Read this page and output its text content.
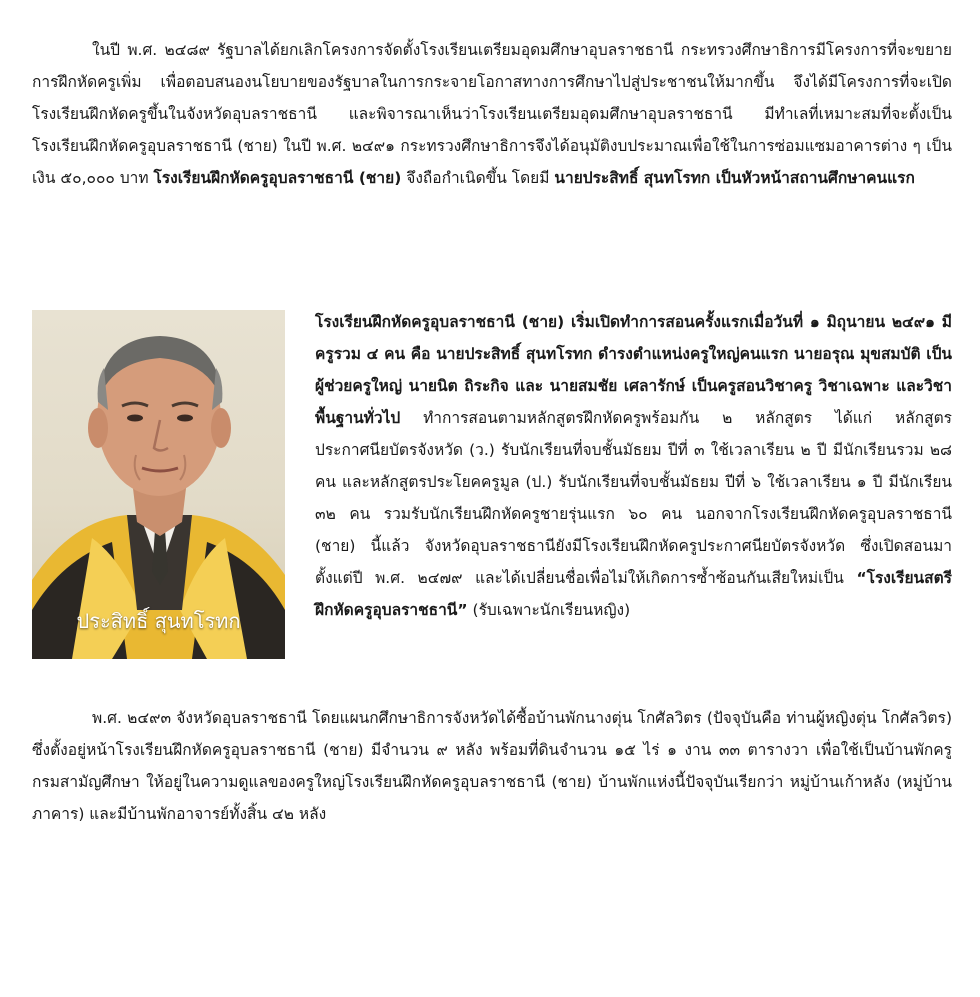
ในปี พ.ศ. ๒๔๘๙ รัฐบาลได้ยกเลิกโครงการจัดตั้งโรงเรียนเตรียมอุดมศึกษาอุบลราชธานี กระทรวงศึกษาธิการมีโครงการที่จะขยายการฝึกหัดครูเพิ่ม เพื่อตอบสนองนโยบายของรัฐบาลในการกระจายโอกาสทางการศึกษาไปสู่ประชาชนให้มากขึ้น จึงได้มีโครงการที่จะเปิดโรงเรียนฝึกหัดครูขึ้นในจังหวัดอุบลราชธานี และพิจารณาเห็นว่าโรงเรียนเตรียมอุดมศึกษาอุบลราชธานี มีทำเลที่เหมาะสมที่จะตั้งเป็นโรงเรียนฝึกหัดครูอุบลราชธานี (ชาย) ในปี พ.ศ. ๒๔๙๑ กระทรวงศึกษาธิการจึงได้อนุมัติงบประมาณเพื่อใช้ในการซ่อมแซมอาคารต่าง ๆ เป็นเงิน ๕๐,๐๐๐ บาท โรงเรียนฝึกหัดครูอุบลราชธานี (ชาย) จึงถือกำเนิดขึ้น โดยมี นายประสิทธิ์ สุนทโรทก เป็นหัวหน้าสถานศึกษาคนแรก

ประสิทธิ์ สุนทโรทก
โรงเรียนฝึกหัดครูอุบลราชธานี (ชาย) เริ่มเปิดทำการสอนครั้งแรกเมื่อวันที่ ๑ มิถุนายน ๒๔๙๑ มีครูรวม ๔ คน คือ นายประสิทธิ์ สุนทโรทก ดำรงตำแหน่งครูใหญ่คนแรก นายอรุณ มุขสมบัติ เป็นผู้ช่วยครูใหญ่ นายนิต ถิระกิจ และ นายสมชัย เศลารักษ์ เป็นครูสอนวิชาครู วิชาเฉพาะ และวิชาพื้นฐานทั่วไป ทำการสอนตามหลักสูตรฝึกหัดครูพร้อมกัน ๒ หลักสูตร ได้แก่ หลักสูตรประกาศนียบัตรจังหวัด (ว.) รับนักเรียนที่จบชั้นมัธยม ปีที่ ๓ ใช้เวลาเรียน ๒ ปี มีนักเรียนรวม ๒๘ คน และหลักสูตรประโยคครูมูล (ป.) รับนักเรียนที่จบชั้นมัธยม ปีที่ ๖ ใช้เวลาเรียน ๑ ปี มีนักเรียน ๓๒ คน รวมรับนักเรียนฝึกหัดครูชายรุ่นแรก ๖๐ คน นอกจากโรงเรียนฝึกหัดครูอุบลราชธานี (ชาย) นี้แล้ว จังหวัดอุบลราชธานียังมีโรงเรียนฝึกหัดครูประกาศนียบัตรจังหวัด ซึ่งเปิดสอนมาตั้งแต่ปี พ.ศ. ๒๔๗๙ และได้เปลี่ยนชื่อเพื่อไม่ให้เกิดการซ้ำซ้อนกันเสียใหม่เป็น “โรงเรียนสตรีฝึกหัดครูอุบลราชธานี” (รับเฉพาะนักเรียนหญิง)

พ.ศ. ๒๔๙๓ จังหวัดอุบลราชธานี โดยแผนกศึกษาธิการจังหวัดได้ซื้อบ้านพักนางตุ่น โกศัลวิตร (ปัจจุบันคือ ท่านผู้หญิงตุ่น โกศัลวิตร) ซึ่งตั้งอยู่หน้าโรงเรียนฝึกหัดครูอุบลราชธานี (ชาย) มีจำนวน ๙ หลัง พร้อมที่ดินจำนวน ๑๕ ไร่ ๑ งาน ๓๓ ตารางวา เพื่อใช้เป็นบ้านพักครู กรมสามัญศึกษา ให้อยู่ในความดูแลของครูใหญ่โรงเรียนฝึกหัดครูอุบลราชธานี (ชาย) บ้านพักแห่งนี้ปัจจุบันเรียกว่า หมู่บ้านเก้าหลัง (หมู่บ้านภาคาร) และมีบ้านพักอาจารย์ทั้งสิ้น ๔๒ หลัง
